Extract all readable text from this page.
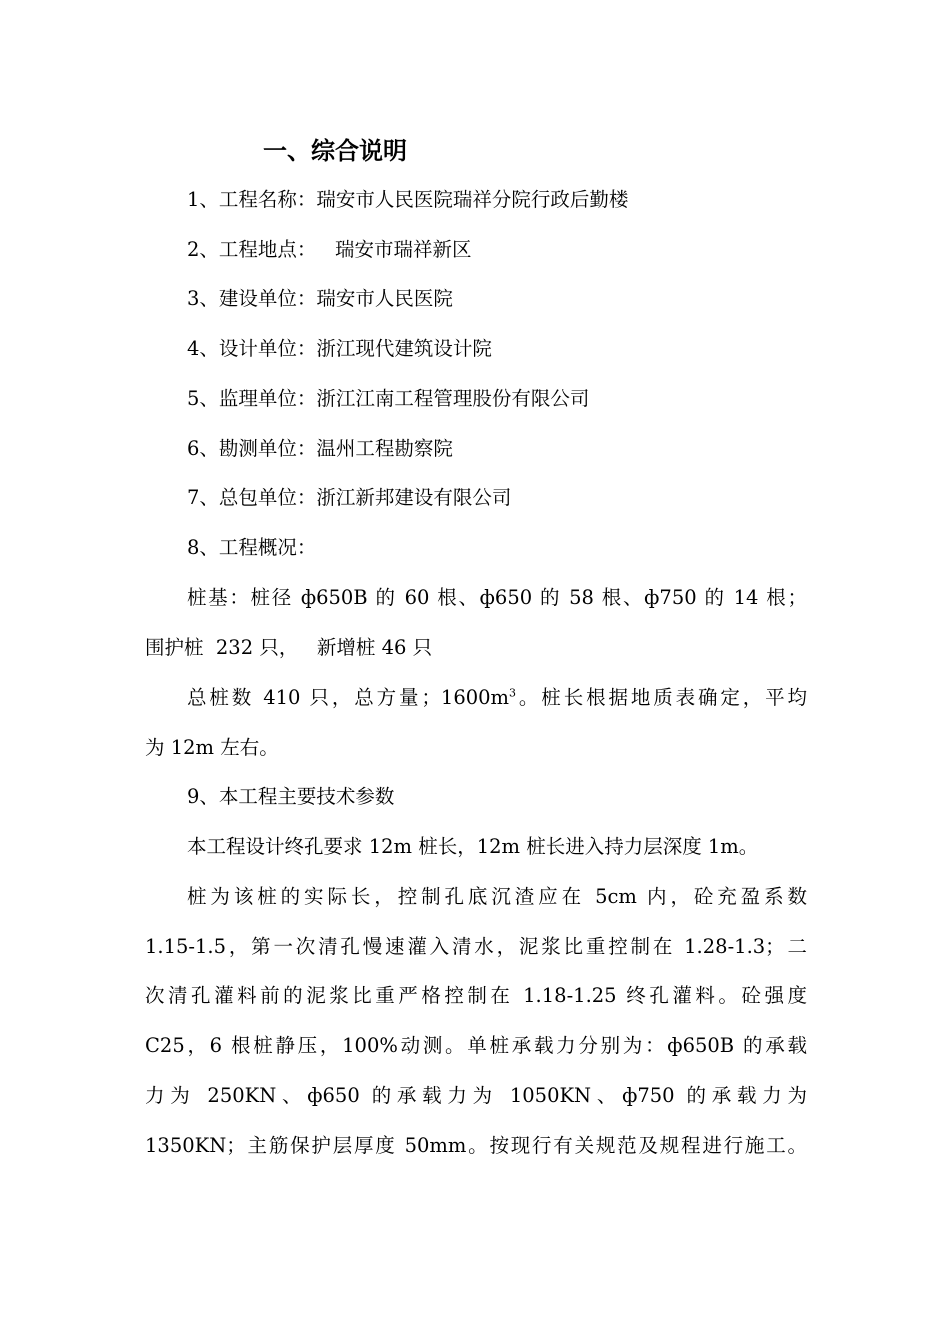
一、综合说明
1、工程名称：瑞安市人民医院瑞祥分院行政后勤楼
2、工程地点：   瑞安市瑞祥新区
3、建设单位：瑞安市人民医院
4、设计单位：浙江现代建筑设计院
5、监理单位：浙江江南工程管理股份有限公司
6、勘测单位：温州工程勘察院
7、总包单位：浙江新邦建设有限公司
8、工程概况：
桩基：桩径 ф650B 的 60 根、ф650 的 58 根、ф750 的 14 根；
围护桩  232 只，   新增桩 46 只
总桩数 410 只，总方量；$1600m^3$。桩长根据地质表确定，平均
为 12m 左右。
9、本工程主要技术参数
本工程设计终孔要求 12m 桩长，12m 桩长进入持力层深度 1m。
桩为该桩的实际长，控制孔底沉渣应在 5cm 内，砼充盈系数
1.15-1.5，第一次清孔慢速灌入清水，泥浆比重控制在 1.28-1.3；二
次清孔灌料前的泥浆比重严格控制在 1.18-1.25 终孔灌料。砼强度
C25，6 根桩静压，100%动测。单桩承载力分别为：ф650B 的承载
力为 250KN、ф650 的承载力为 1050KN、ф750 的承载力为
1350KN；主筋保护层厚度 50mm。按现行有关规范及规程进行施工。
